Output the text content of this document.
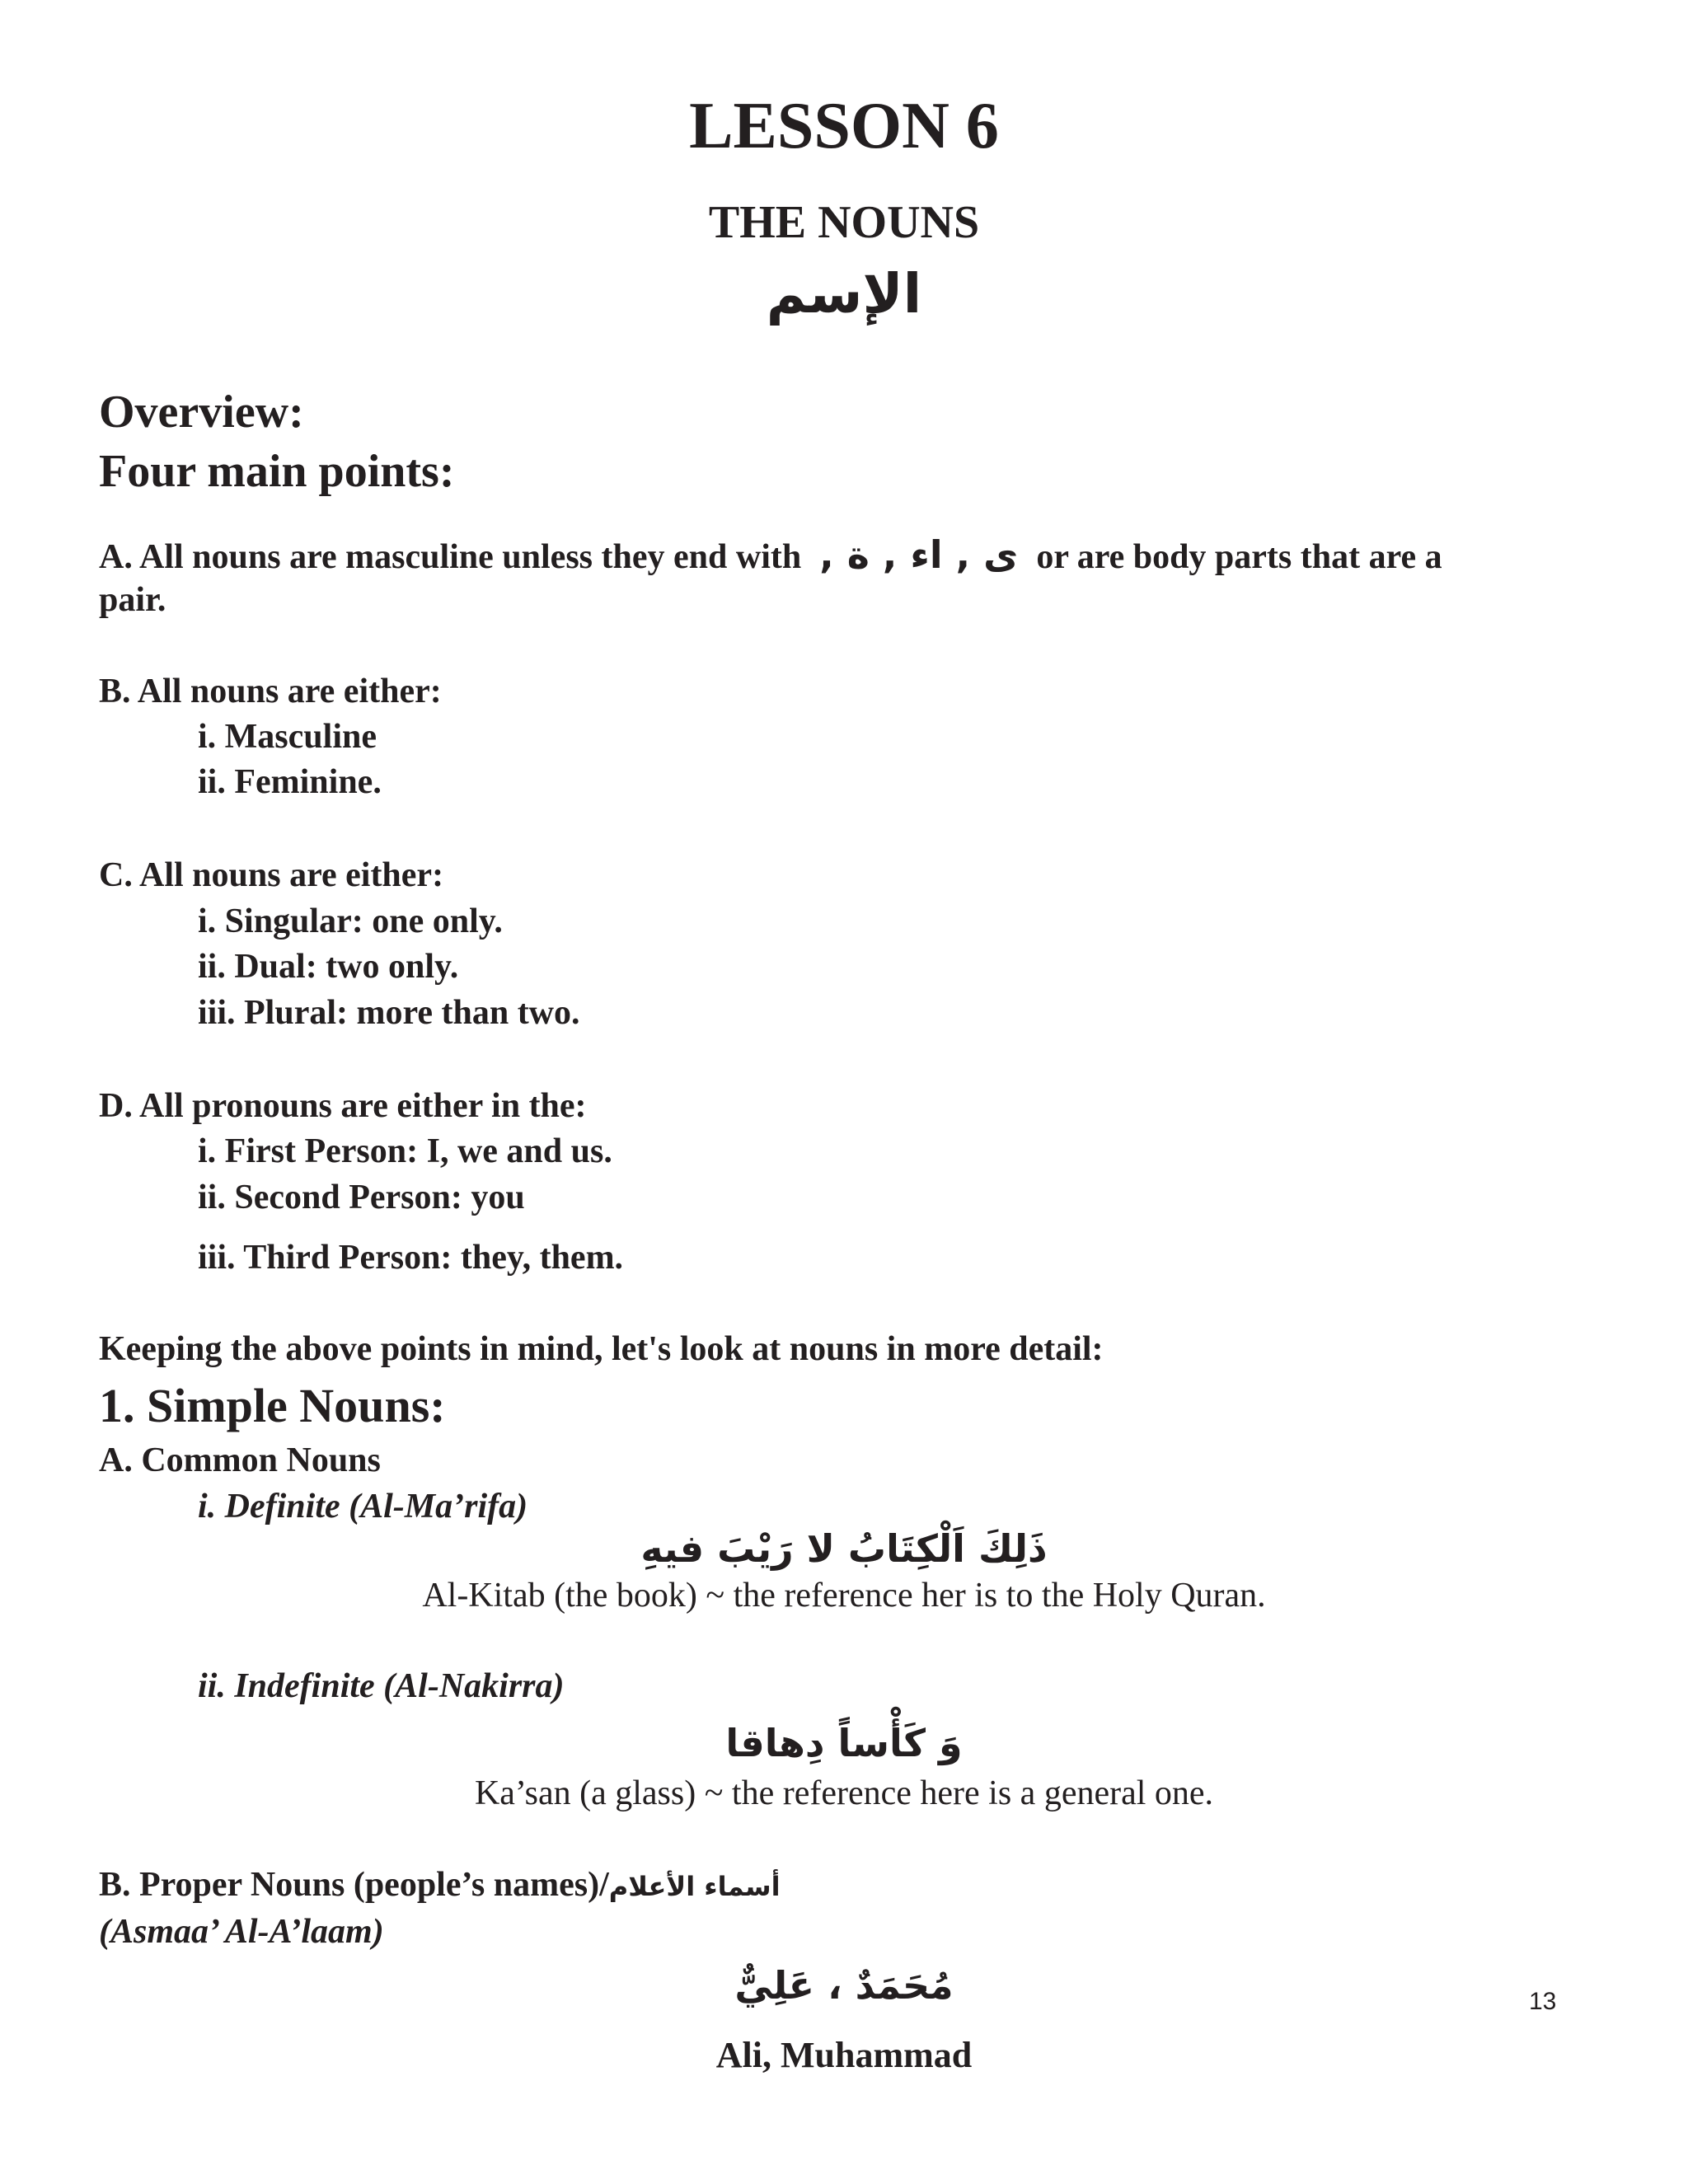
LESSON 6
THE NOUNS
الإسم
Overview:
Four main points:
A. All nouns are masculine unless they end with ى , اء , ة , or are body parts that are a
pair.
B. All nouns are either:
i. Masculine
ii. Feminine.
C. All nouns are either:
i. Singular: one only.
ii. Dual: two only.
iii. Plural: more than two.
D. All pronouns are either in the:
i. First Person: I, we and us.
ii. Second Person: you
iii. Third Person: they, them.
Keeping the above points in mind, let's look at nouns in more detail:
1. Simple Nouns:
A. Common Nouns
i. Definite (Al-Ma’rifa)
ذَلِكَ اَلْكِتَابُ لا رَيْبَ فيهِ
Al-Kitab (the book) ~ the reference her is to the Holy Quran.
ii. Indefinite (Al-Nakirra)
وَ كَأْساً دِهاقا
Ka’san (a glass) ~ the reference here is a general one.
B. Proper Nouns (people’s names)/أسماء الأعلام
(Asmaa’ Al-A’laam)
مُحَمَدٌ ، عَلِيٌّ
Ali, Muhammad
13
